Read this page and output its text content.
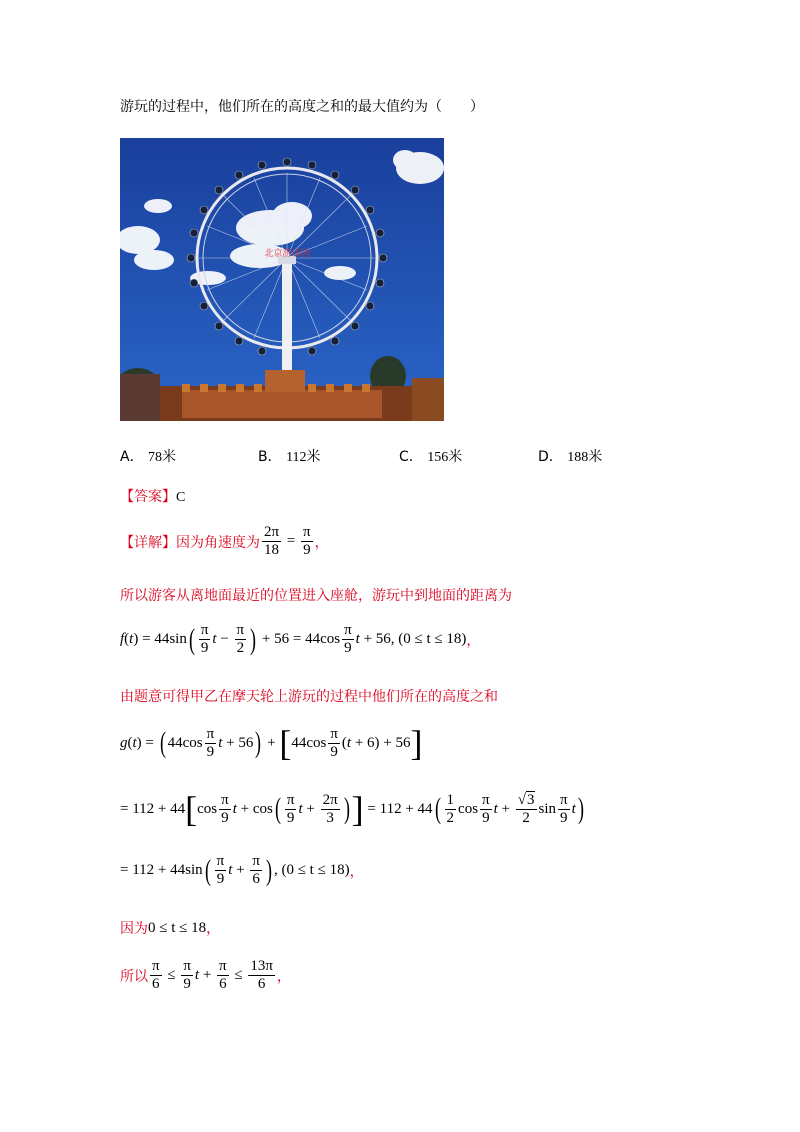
游玩的过程中，他们所在的高度之和的最大值约为（　　）
北京游乐园
A． 78米	B． 112米	C． 156米	D． 188米
【答案】C
【详解】 因为角速度为 $\frac{2\pi}{18} = \frac{\pi}{9}$ ，
所以游客从离地面最近的位置进入座舱，游玩中到地面的距离为
f ( t ) = 44 sin ( $\frac{\pi}{9}$ $t - \frac{\pi}{2}$ ) + 56 = 44 $\cos \frac{\pi}{9}$ t + 56 , ( 0 ≤ t ≤ 18 ) ，
由题意可得甲乙在摩天轮上游玩的过程中他们所在的高度之和
g ( t ) = ( 44 $\cos \frac{\pi}{9}$ t + 56 ) + [ 44 $\cos \frac{\pi}{9}$ ( t + 6 ) + 56 ]
= 112 + 44 [ $\cos \frac{\pi}{9}$ t + cos ( $\frac{\pi}{9}$ $t + \frac{2\pi}{3}$ ) ] = 112 + 44 ( $\frac{1}{2}$ $\cos \frac{\pi}{9}$ $t + \frac{√3}{2}$ $\sin \frac{\pi}{9}$ t )
= 112 + 44 sin ( $\frac{\pi}{9}$ $t + \frac{\pi}{6}$ ) , ( 0 ≤ t ≤ 18 ) ，
因为 0 ≤ t ≤ 18 ，
所以 $\frac{\pi}{6} \le \frac{\pi}{9}$ $t + \frac{\pi}{6} \le \frac{13\pi}{6}$ ，
